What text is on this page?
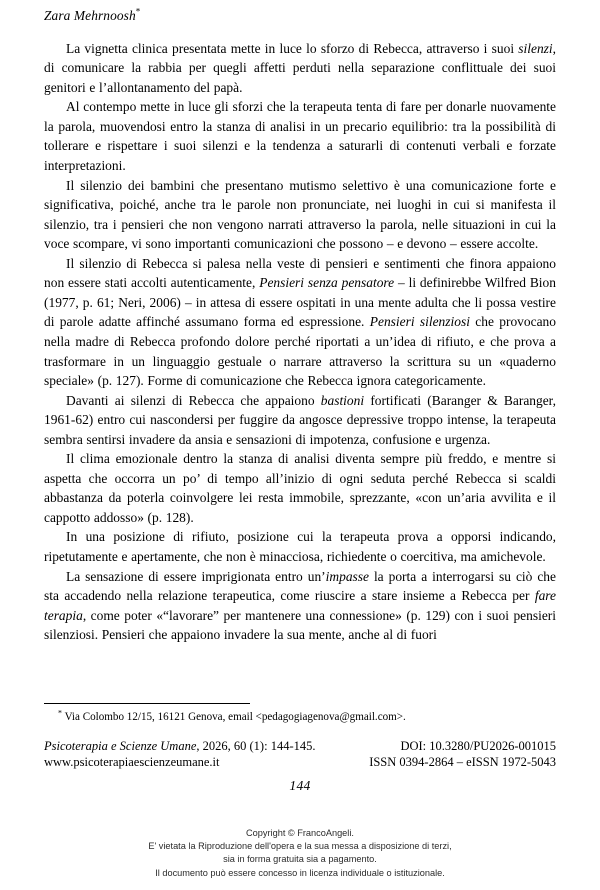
Zara Mehrnoosh*

La vignetta clinica presentata mette in luce lo sforzo di Rebecca, attraverso i suoi silenzi, di comunicare la rabbia per quegli affetti perduti nella separazione conflittuale dei suoi genitori e l’allontanamento del papà.

Al contempo mette in luce gli sforzi che la terapeuta tenta di fare per donarle nuovamente la parola, muovendosi entro la stanza di analisi in un precario equilibrio: tra la possibilità di tollerare e rispettare i suoi silenzi e la tendenza a saturarli di contenuti verbali e forzate interpretazioni.

Il silenzio dei bambini che presentano mutismo selettivo è una comunicazione forte e significativa, poiché, anche tra le parole non pronunciate, nei luoghi in cui si manifesta il silenzio, tra i pensieri che non vengono narrati attraverso la parola, nelle situazioni in cui la voce scompare, vi sono importanti comunicazioni che possono – e devono – essere accolte.

Il silenzio di Rebecca si palesa nella veste di pensieri e sentimenti che finora appaiono non essere stati accolti autenticamente, Pensieri senza pensatore – li definirebbe Wilfred Bion (1977, p. 61; Neri, 2006) – in attesa di essere ospitati in una mente adulta che li possa vestire di parole adatte affinché assumano forma ed espressione. Pensieri silenziosi che provocano nella madre di Rebecca profondo dolore perché riportati a un’idea di rifiuto, e che prova a trasformare in un linguaggio gestuale o narrare attraverso la scrittura su un «quaderno speciale» (p. 127). Forme di comunicazione che Rebecca ignora categoricamente.

Davanti ai silenzi di Rebecca che appaiono bastioni fortificati (Baranger & Baranger, 1961-62) entro cui nascondersi per fuggire da angosce depressive troppo intense, la terapeuta sembra sentirsi invadere da ansia e sensazioni di impotenza, confusione e urgenza.

Il clima emozionale dentro la stanza di analisi diventa sempre più freddo, e mentre si aspetta che occorra un po’ di tempo all’inizio di ogni seduta perché Rebecca si scaldi abbastanza da poterla coinvolgere lei resta immobile, sprezzante, «con un’aria avvilita e il cappotto addosso» (p. 128).

In una posizione di rifiuto, posizione cui la terapeuta prova a opporsi indicando, ripetutamente e apertamente, che non è minacciosa, richiedente o coercitiva, ma amichevole.

La sensazione di essere imprigionata entro un’impasse la porta a interrogarsi su ciò che sta accadendo nella relazione terapeutica, come riuscire a stare insieme a Rebecca per fare terapia, come poter «“lavorare” per mantenere una connessione» (p. 129) con i suoi pensieri silenziosi. Pensieri che appaiono invadere la sua mente, anche al di fuori

* Via Colombo 12/15, 16121 Genova, email <pedagogiagenova@gmail.com>.

Psicoterapia e Scienze Umane, 2026, 60 (1): 144-145.	DOI: 10.3280/PU2026-001015
www.psicoterapiaescienzeumane.it	ISSN 0394-2864 – eISSN 1972-5043
144
Copyright © FrancoAngeli.
E' vietata la Riproduzione dell'opera e la sua messa a disposizione di terzi,
sia in forma gratuita sia a pagamento.
Il documento può essere concesso in licenza individuale o istituzionale.
